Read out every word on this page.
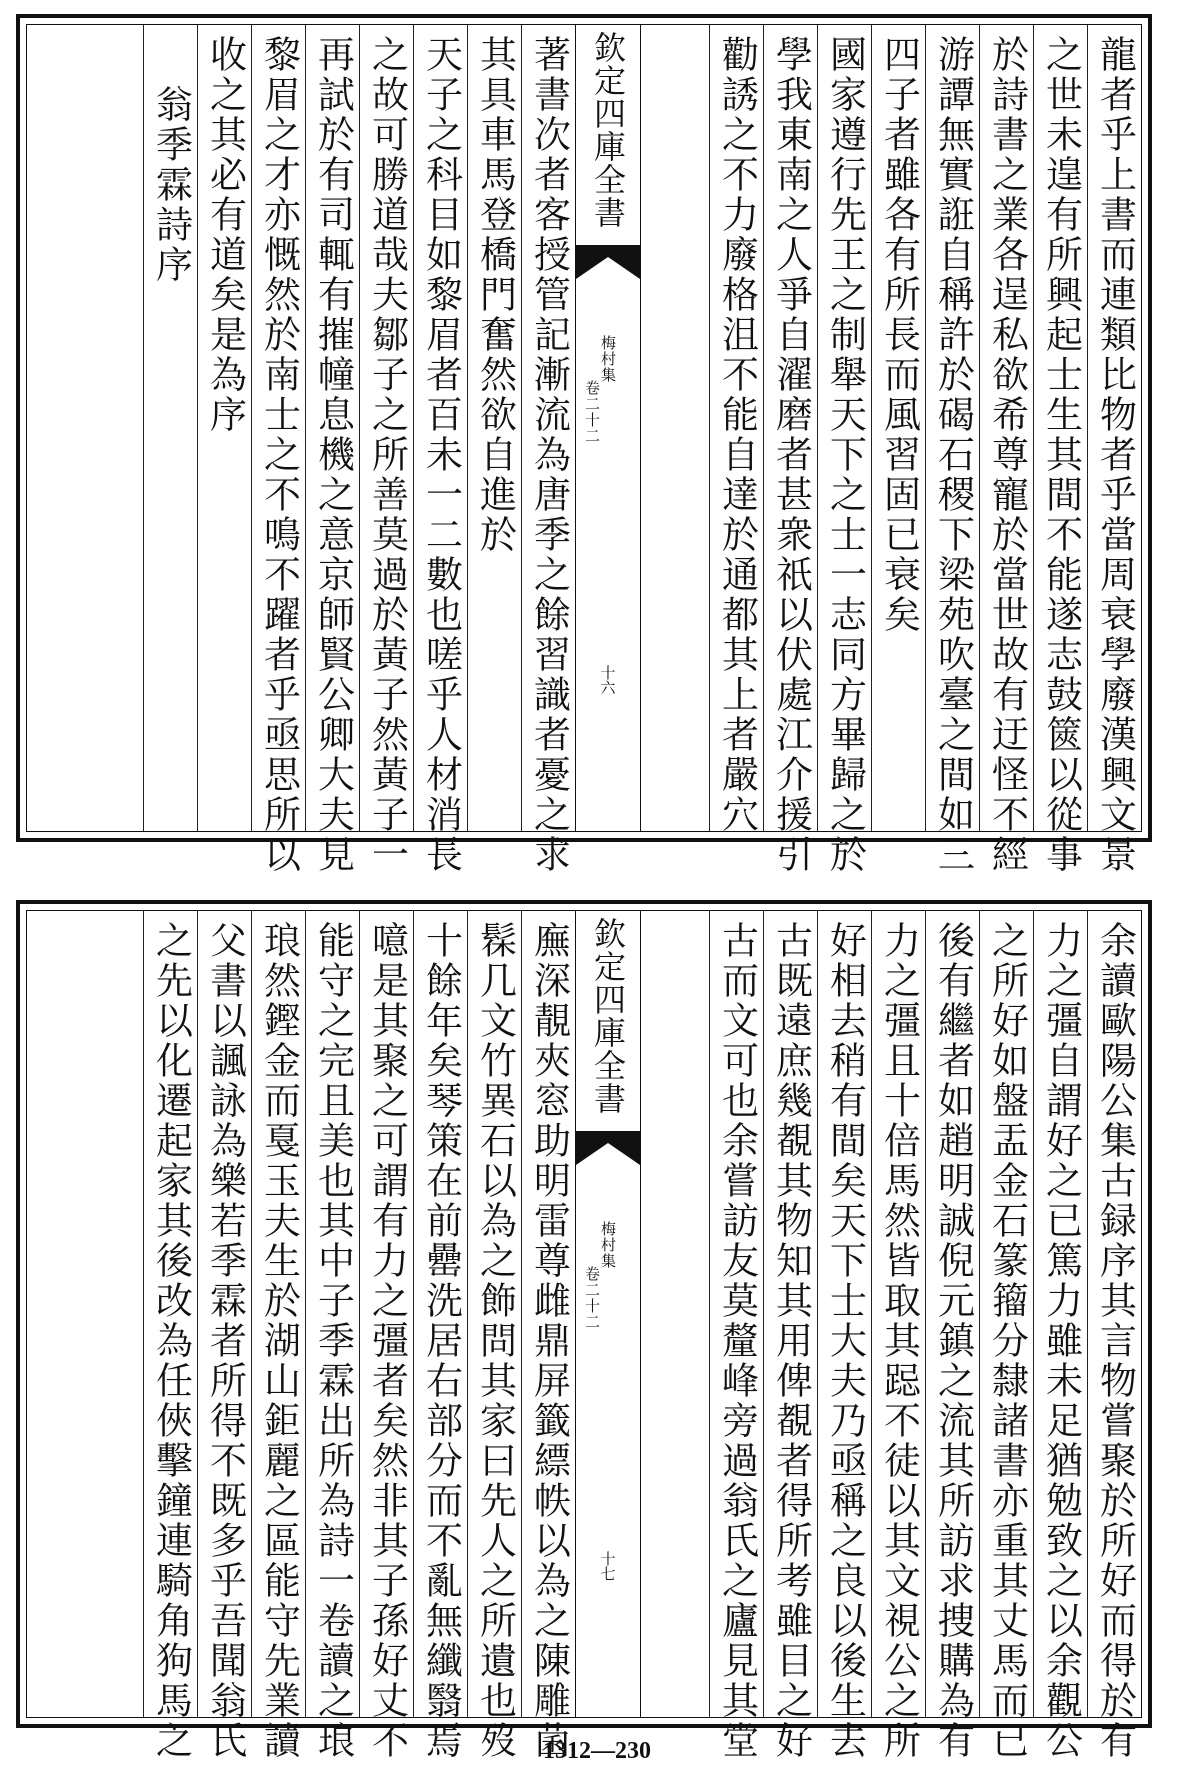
龍者乎上書而連類比物者乎當周衰學廢漢興文景
之世未遑有所興起士生其間不能遂志鼓篋以從事
於詩書之業各逞私欲希尊寵於當世故有迂怪不經
游譚無實誑自稱許於碣石稷下梁苑吹臺之間如三
四子者雖各有所長而風習固已衰矣
國家遵行先王之制舉天下之士一志同方畢歸之於
學我東南之人爭自濯磨者甚衆祇以伏處江介援引
勸誘之不力廢格沮不能自達於通都其上者嚴穴
欽定四庫全書
梅村集
卷二十二
十六
著書次者客授管記漸流為唐季之餘習識者憂之求
其具車馬登橋門奮然欲自進於
天子之科目如黎眉者百未一二數也嗟乎人材消長
之故可勝道哉夫鄒子之所善莫過於黃子然黃子一
再試於有司輒有摧幢息機之意京師賢公卿大夫見
黎眉之才亦慨然於南士之不鳴不躍者乎亟思所以
收之其必有道矣是為序
翁季霖詩序
余讀歐陽公集古録序其言物嘗聚於所好而得於有
力之彊自謂好之已篤力雖未足猶勉致之以余觀公
之所好如盤盂金石篆籀分隸諸書亦重其丈馬而已
後有繼者如趙明誠倪元鎮之流其所訪求捜購為有
力之彊且十倍馬然皆取其跽不徒以其文視公之所
好相去稍有間矣天下士大夫乃亟稱之良以後生去
古既遠庶幾覩其物知其用俾覩者得所考雖目之好
古而文可也余嘗訪友莫釐峰旁過翁氏之廬見其堂
欽定四庫全書
梅村集
卷二十二
十七
廡深靚夾窓助明雷尊雌鼎屏籤縹帙以為之陳雕菌
髹几文竹異石以為之飾問其家曰先人之所遺也歿
十餘年矣琴策在前罍洗居右部分而不亂無纖翳焉
噫是其聚之可謂有力之彊者矣然非其子孫好丈不
能守之完且美也其中子季霖出所為詩一卷讀之琅
琅然鏗金而戛玉夫生於湖山鉅麗之區能守先業讀
父書以諷詠為樂若季霖者所得不既多乎吾聞翁氏
之先以化遷起家其後改為任俠擊鐘連騎角狗馬之	1312—230
